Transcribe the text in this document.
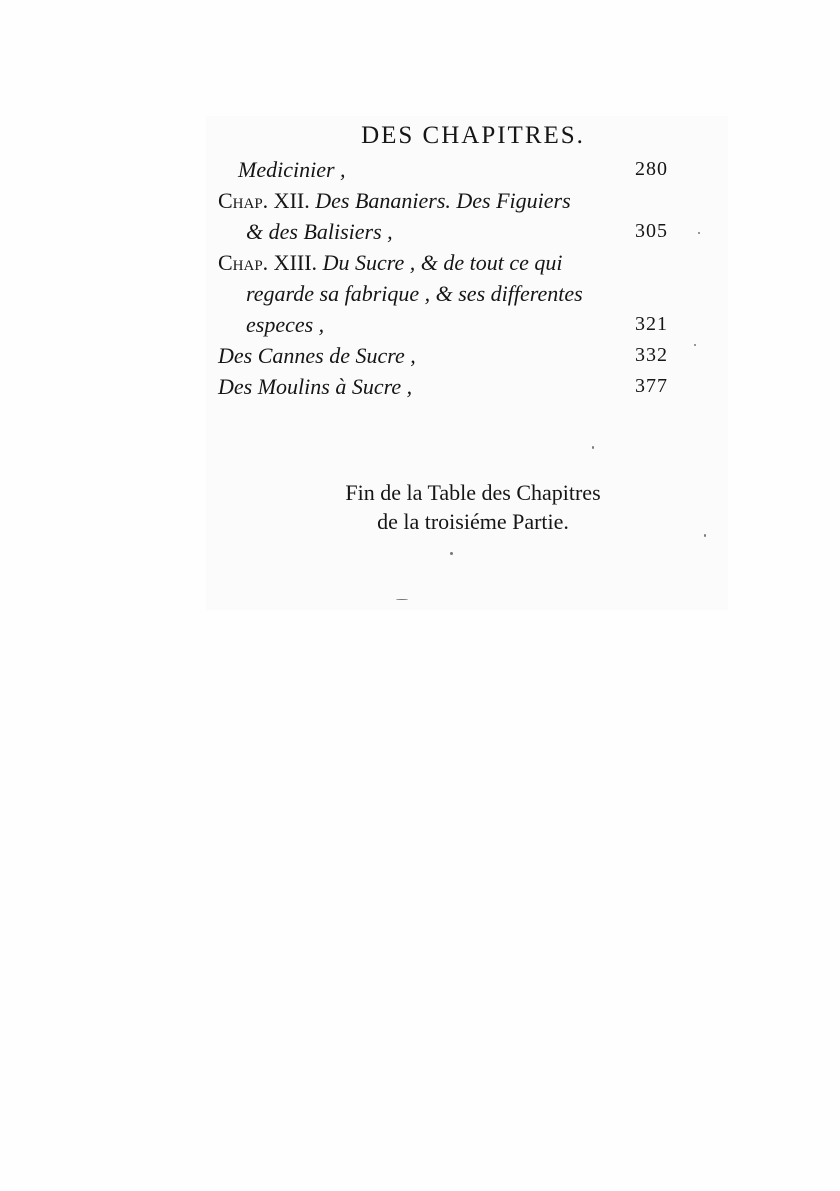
DES CHAPITRES.
Medicinier ,	280
Chap. XII. Des Bananiers. Des Figuiers
& des Balisiers ,	305
Chap. XIII. Du Sucre , & de tout ce qui
regarde sa fabrique , & ses differentes
especes ,	321
Des Cannes de Sucre ,	332
Des Moulins à Sucre ,	377
Fin de la Table des Chapitres
de la troisiéme Partie.
